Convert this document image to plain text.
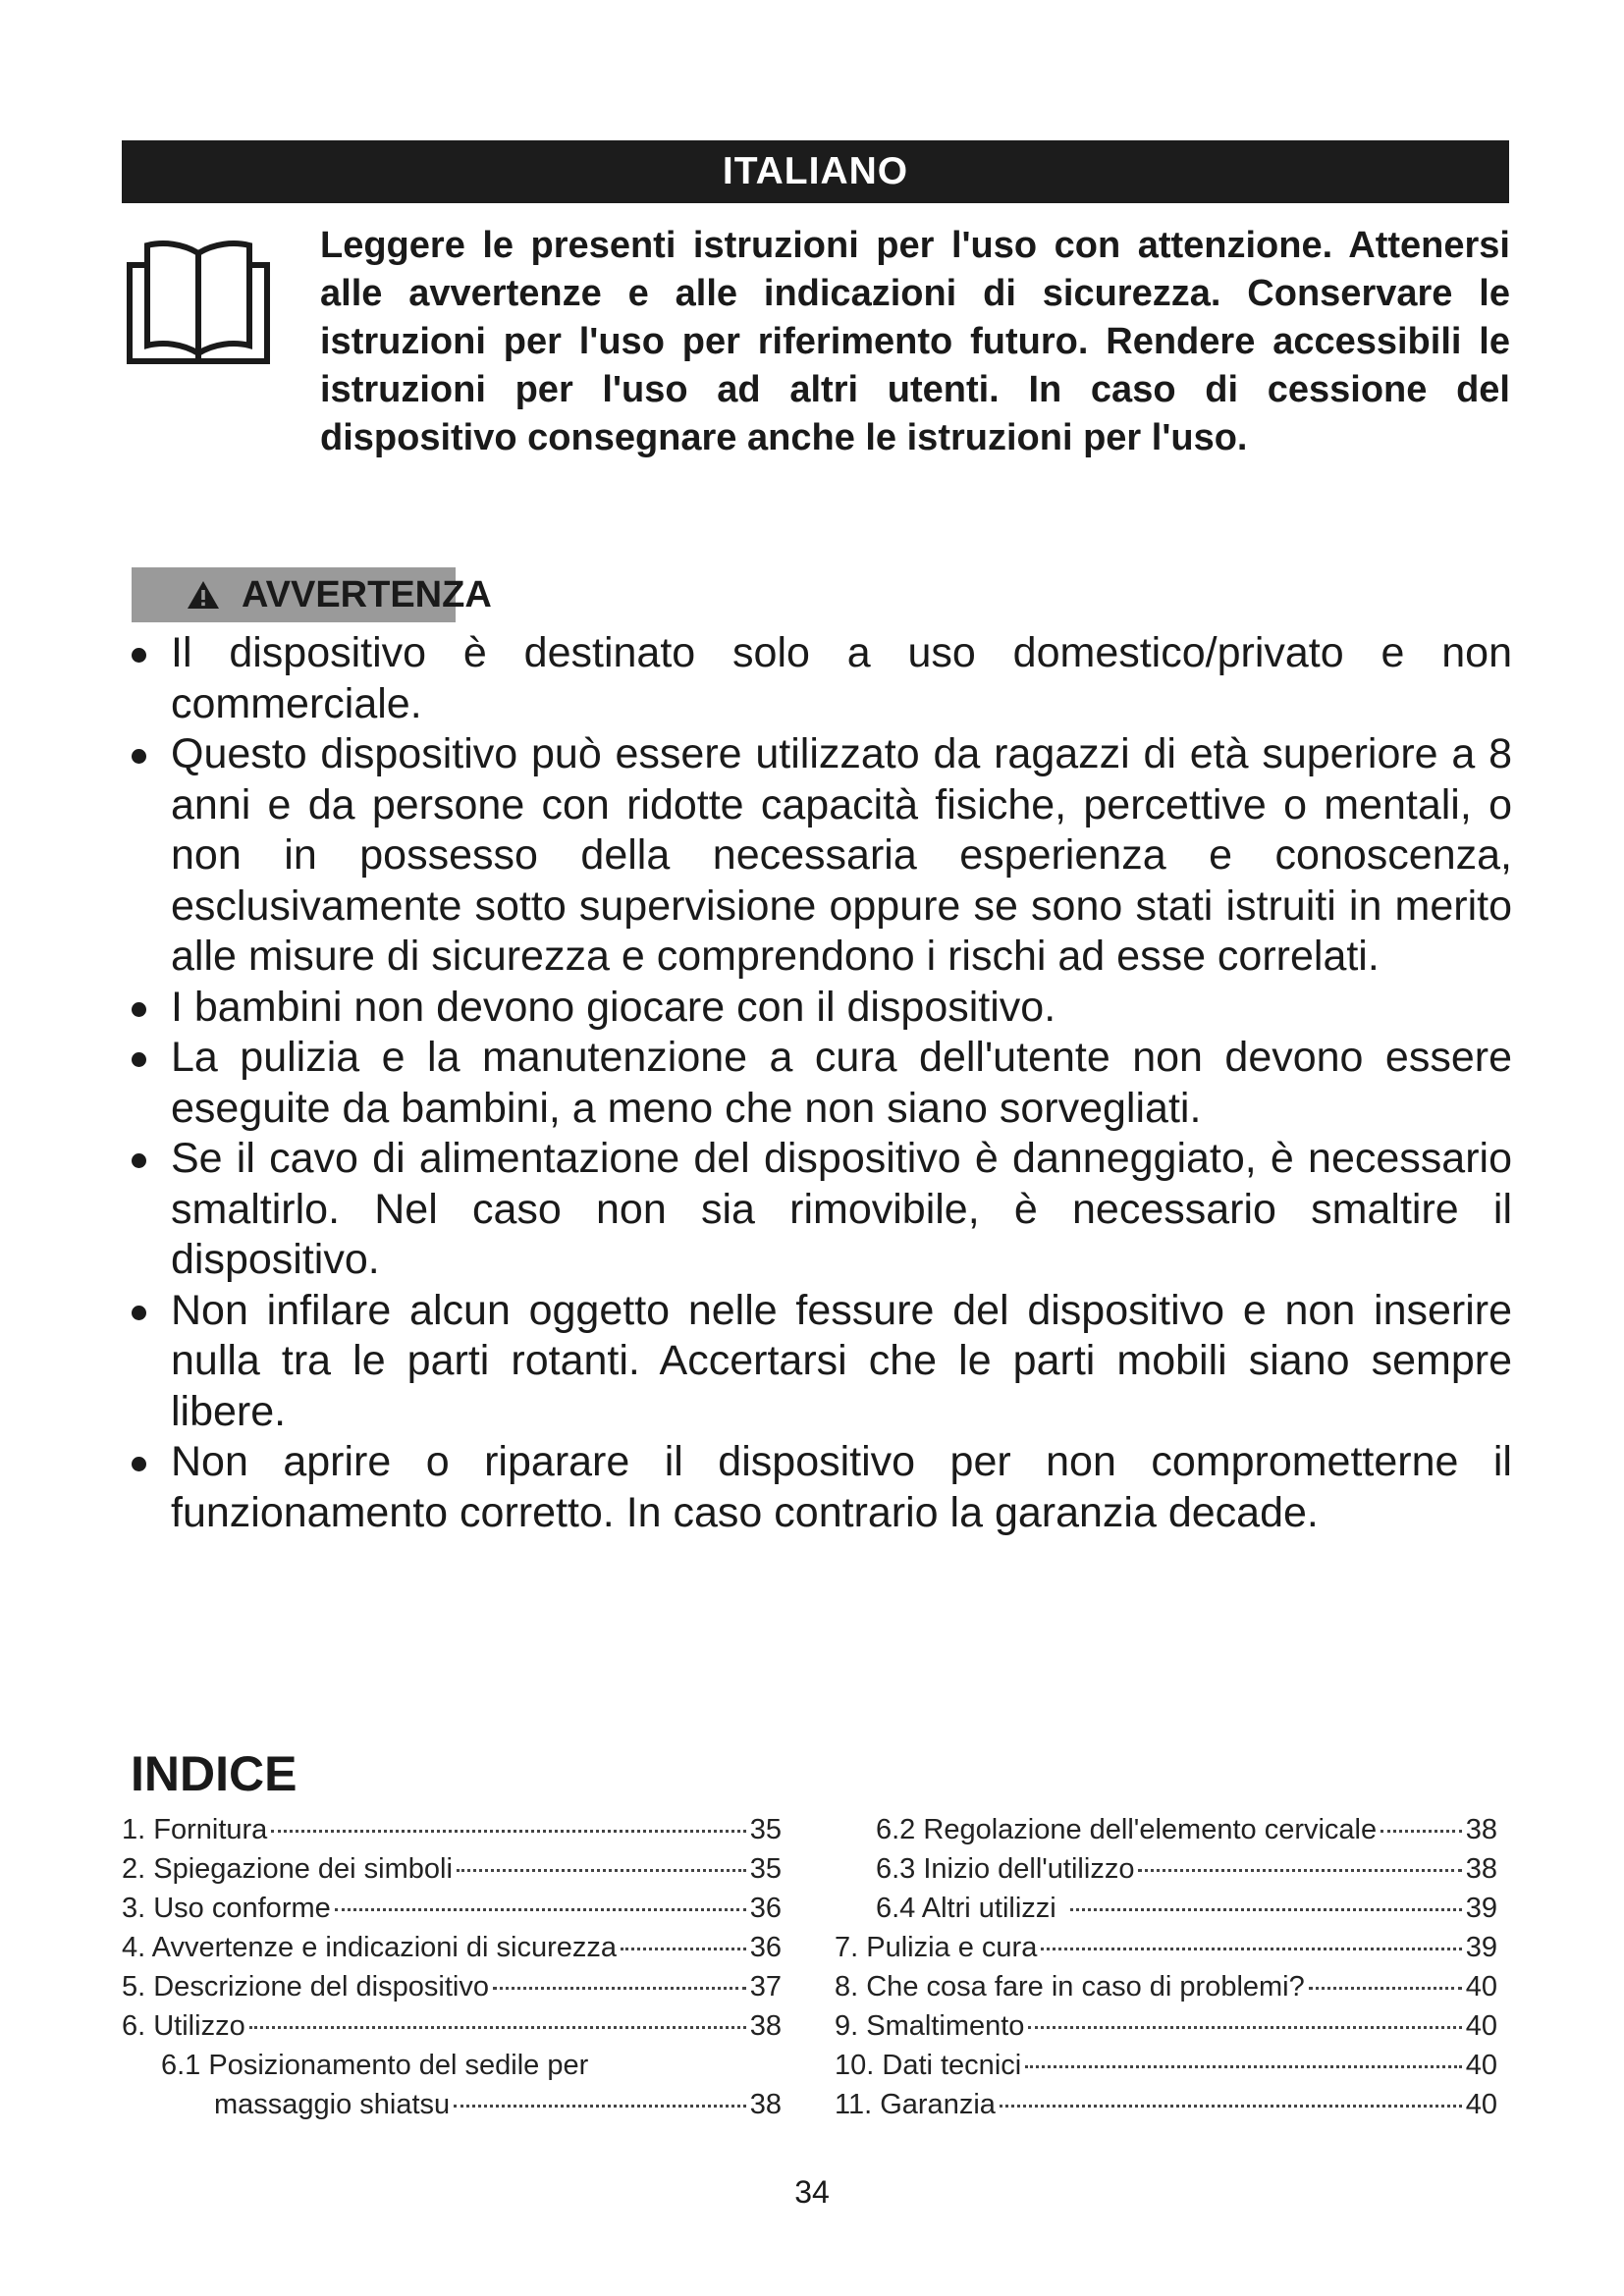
ITALIANO
Leggere le presenti istruzioni per l'uso con attenzione. Attenersi alle avvertenze e alle indicazioni di sicurezza. Conservare le istruzioni per l'uso per riferimento futuro. Rendere accessibili le istruzioni per l'uso ad altri utenti. In caso di cessione del dispositivo consegnare anche le istruzioni per l'uso.
AVVERTENZA
Il dispositivo è destinato solo a uso domestico/privato e non commerciale.
Questo dispositivo può essere utilizzato da ragazzi di età superiore a 8 anni e da persone con ridotte capacità fisiche, percettive o mentali, o non in possesso della necessaria esperienza e conoscenza, esclusivamente sotto supervisione oppure se sono stati istruiti in merito alle misure di sicurezza e comprendono i rischi ad esse correlati.
I bambini non devono giocare con il dispositivo.
La pulizia e la manutenzione a cura dell'utente non devono essere eseguite da bambini, a meno che non siano sorvegliati.
Se il cavo di alimentazione del dispositivo è danneggiato, è necessario smaltirlo. Nel caso non sia rimovibile, è necessario smaltire il dispositivo.
Non infilare alcun oggetto nelle fessure del dispositivo e non inserire nulla tra le parti rotanti. Accertarsi che le parti mobili siano sempre libere.
Non aprire o riparare il dispositivo per non comprometterne il funzionamento corretto. In caso contrario la garanzia decade.
INDICE
1. Fornitura	35
2. Spiegazione dei simboli	35
3. Uso conforme	36
4. Avvertenze e indicazioni di sicurezza	36
5. Descrizione del dispositivo	37
6. Utilizzo	38
6.1 Posizionamento del sedile per
massaggio shiatsu	38
6.2 Regolazione dell'elemento cervicale	38
6.3 Inizio dell'utilizzo	38
6.4 Altri utilizzi	39
7. Pulizia e cura	39
8. Che cosa fare in caso di problemi?	40
9. Smaltimento	40
10. Dati tecnici	40
11. Garanzia	40
34
